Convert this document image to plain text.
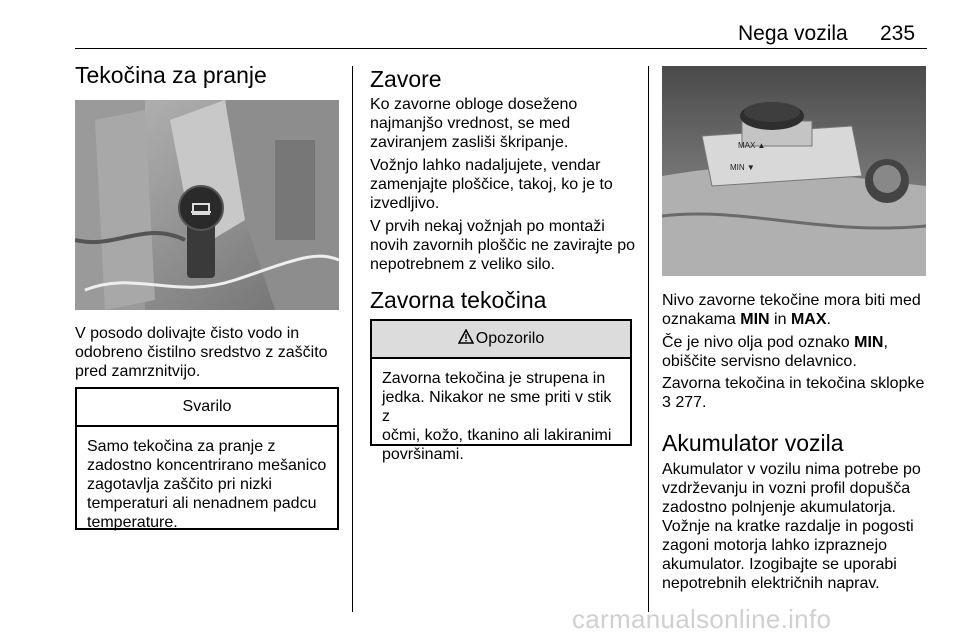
Nega vozila 235
Tekočina za pranje
V posodo dolivajte čisto vodo in
odobreno čistilno sredstvo z zaščito
pred zamrznitvijo.
Svarilo
Samo tekočina za pranje z
zadostno koncentrirano mešanico
zagotavlja zaščito pri nizki
temperaturi ali nenadnem padcu
temperature.
Zavore
Ko zavorne obloge doseženo
najmanjšo vrednost, se med
zaviranjem zasliši škripanje.
Vožnjo lahko nadaljujete, vendar
zamenjajte ploščice, takoj, ko je to
izvedljivo.
V prvih nekaj vožnjah po montaži
novih zavornih ploščic ne zavirajte po
nepotrebnem z veliko silo.
Zavorna tekočina
Opozorilo
Zavorna tekočina je strupena in
jedka. Nikakor ne sme priti v stik z
očmi, kožo, tkanino ali lakiranimi
površinami.
MAX ▲
MIN ▼
Nivo zavorne tekočine mora biti med
oznakama MIN in MAX.
Če je nivo olja pod oznako MIN,
obiščite servisno delavnico.
Zavorna tekočina in tekočina sklopke
3 277.
Akumulator vozila
Akumulator v vozilu nima potrebe po
vzdrževanju in vozni profil dopušča
zadostno polnjenje akumulatorja.
Vožnje na kratke razdalje in pogosti
zagoni motorja lahko izpraznejo
akumulator. Izogibajte se uporabi
nepotrebnih električnih naprav.
carmanualsonline.info
